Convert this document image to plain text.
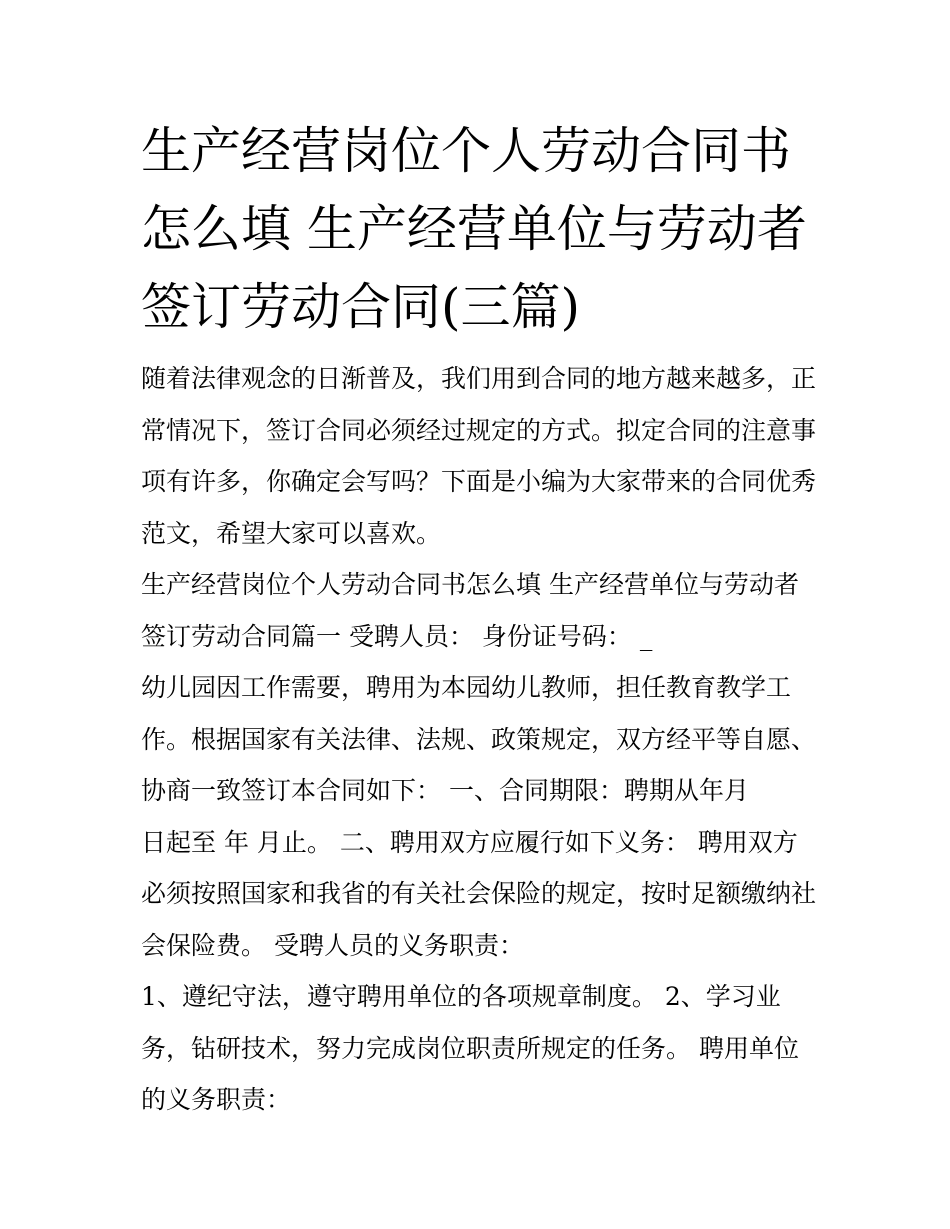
生产经营岗位个人劳动合同书
怎么填 生产经营单位与劳动者
签订劳动合同(三篇)
随着法律观念的日渐普及，我们用到合同的地方越来越多，正
常情况下，签订合同必须经过规定的方式。拟定合同的注意事
项有许多，你确定会写吗？下面是小编为大家带来的合同优秀
范文，希望大家可以喜欢。
生产经营岗位个人劳动合同书怎么填 生产经营单位与劳动者
签订劳动合同篇一 受聘人员： 身份证号码： _
幼儿园因工作需要，聘用为本园幼儿教师，担任教育教学工
作。根据国家有关法律、法规、政策规定，双方经平等自愿、
协商一致签订本合同如下： 一、合同期限：聘期从年月
日起至 年 月止。 二、聘用双方应履行如下义务： 聘用双方
必须按照国家和我省的有关社会保险的规定，按时足额缴纳社
会保险费。 受聘人员的义务职责：
1、遵纪守法，遵守聘用单位的各项规章制度。 2、学习业
务，钻研技术，努力完成岗位职责所规定的任务。 聘用单位
的义务职责：
